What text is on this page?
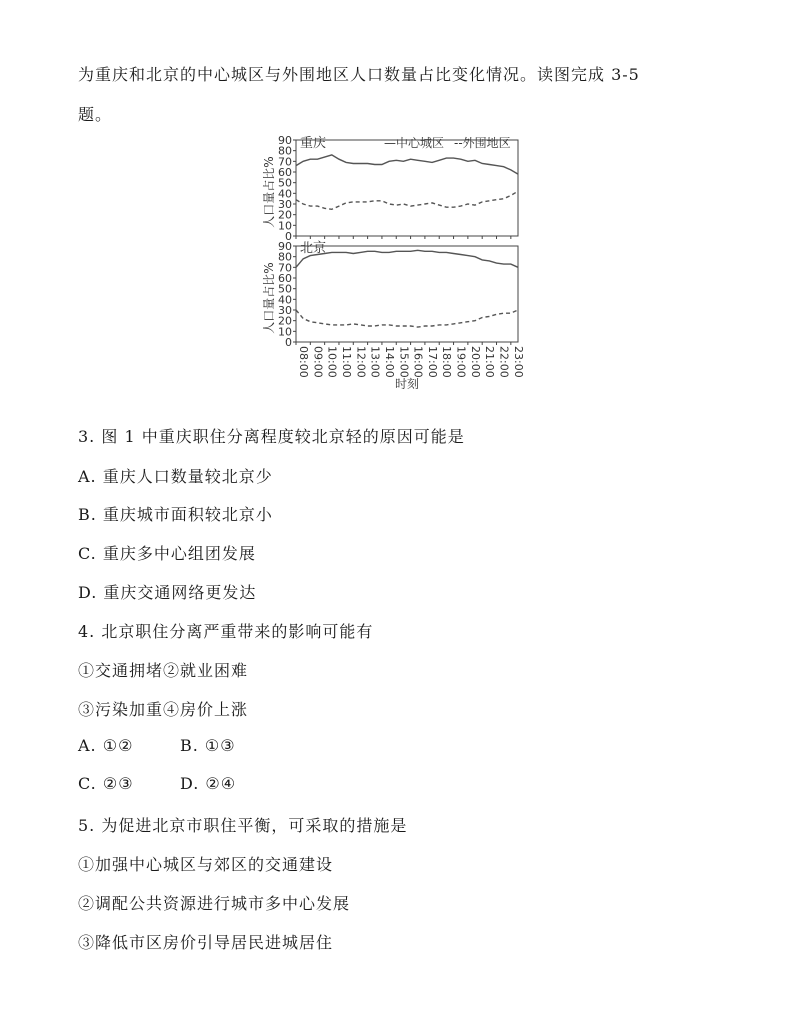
为重庆和北京的中心城区与外围地区人口数量占比变化情况。读图完成 3-5
题。
人口量占比%
重庆	—中心城区 --外围地区
0
10
20
30
40
50
60
70
80
90
人口量占比%
北京
0
10
20
30
40
50
60
70
80
90
08:00 09:00 10:00 11:00 12:00 13:00 14:00 15:00 16:00 17:00 18:00 19:00 20:00 21:00 22:00 23:00
时刻
3. 图 1 中重庆职住分离程度较北京轻的原因可能是
A. 重庆人口数量较北京少
B. 重庆城市面积较北京小
C. 重庆多中心组团发展
D. 重庆交通网络更发达
4. 北京职住分离严重带来的影响可能有
①交通拥堵②就业困难
③污染加重④房价上涨
A. ①②	B. ①③
C. ②③	D. ②④
5. 为促进北京市职住平衡，可采取的措施是
①加强中心城区与郊区的交通建设
②调配公共资源进行城市多中心发展
③降低市区房价引导居民进城居住
